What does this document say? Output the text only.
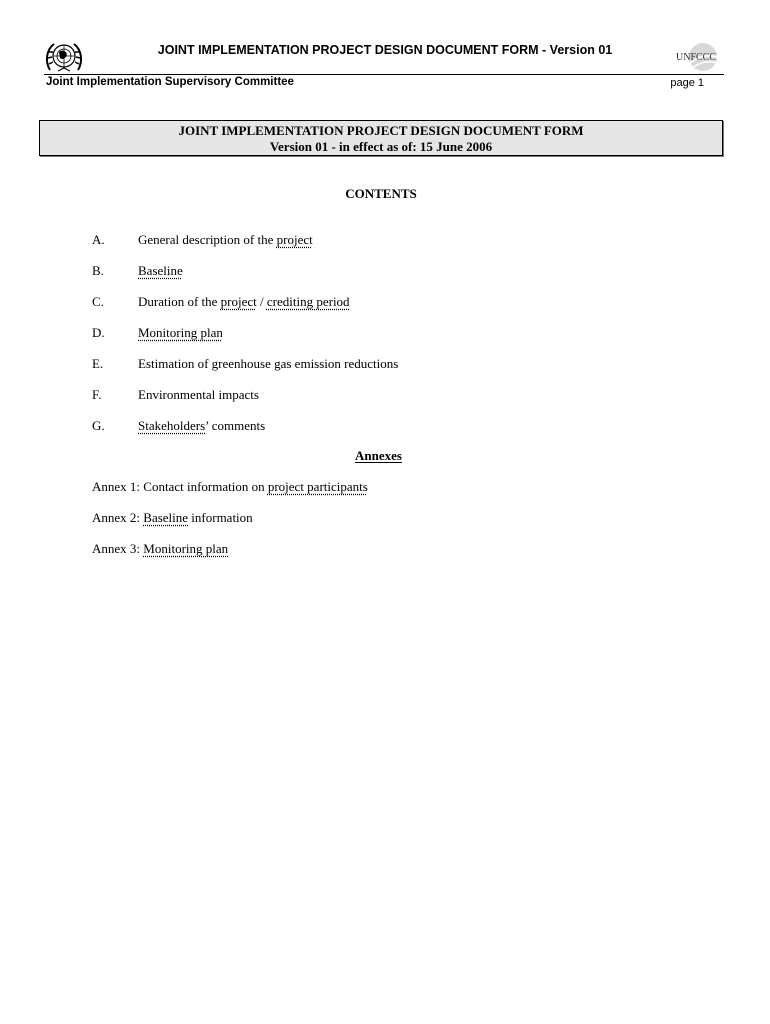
JOINT IMPLEMENTATION PROJECT DESIGN DOCUMENT FORM - Version 01
UNFCCC
Joint Implementation Supervisory Committee	page 1
JOINT IMPLEMENTATION PROJECT DESIGN DOCUMENT FORM
Version 01 - in effect as of: 15 June 2006
CONTENTS
A.	General description of the project
B.	Baseline
C.	Duration of the project / crediting period
D.	Monitoring plan
E.	Estimation of greenhouse gas emission reductions
F.	Environmental impacts
G.	Stakeholders’ comments
Annexes
Annex 1: Contact information on project participants
Annex 2: Baseline information
Annex 3: Monitoring plan
